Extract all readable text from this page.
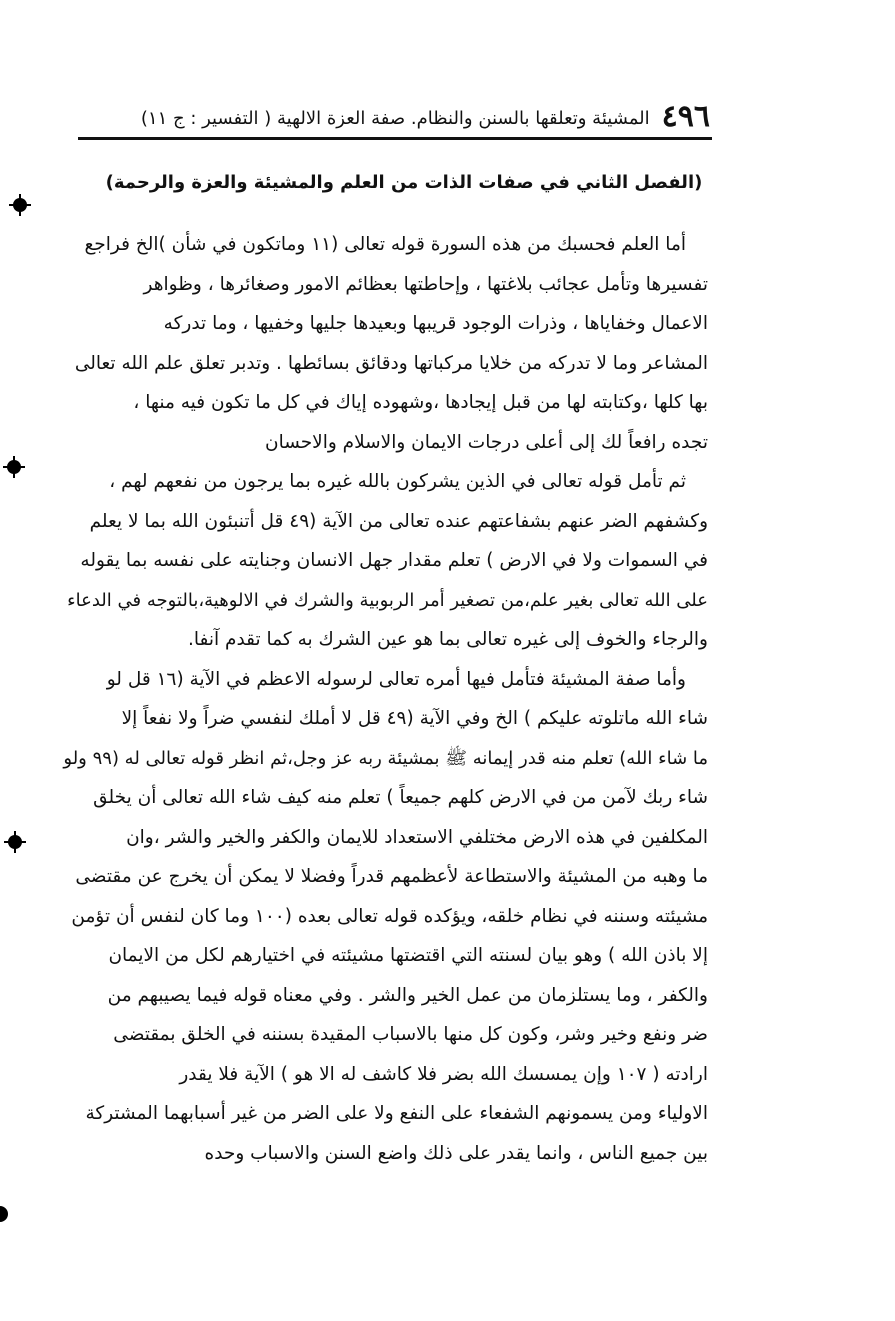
٤٩٦
المشيئة وتعلقها بالسنن والنظام. صفة العزة الالهية ( التفسير : ج ١١)
(الفصل الثاني في صفات الذات من العلم والمشيئة والعزة والرحمة)
أما العلم فحسبك من هذه السورة قوله تعالى (١١ وماتكون في شأن )الخ فراجع
تفسيرها وتأمل عجائب بلاغتها ، وإحاطتها بعظائم الامور وصغائرها ، وظواهر
الاعمال وخفاياها ، وذرات الوجود قريبها وبعيدها جليها وخفيها ، وما تدركه
المشاعر وما لا تدركه من خلايا مركباتها ودقائق بسائطها . وتدبر تعلق علم الله تعالى
بها كلها ،وكتابته لها من قبل إيجادها ،وشهوده إياك في كل ما تكون فيه منها ،
تجده رافعاً لك إلى أعلى درجات الايمان والاسلام والاحسان
ثم تأمل قوله تعالى في الذين يشركون بالله غيره بما يرجون من نفعهم لهم ،
وكشفهم الضر عنهم بشفاعتهم عنده تعالى من الآية (٤٩ قل أتنبئون الله بما لا يعلم
في السموات ولا في الارض ) تعلم مقدار جهل الانسان وجنايته على نفسه بما يقوله
على الله تعالى بغير علم،من تصغير أمر الربوبية والشرك في الالوهية،بالتوجه في الدعاء
والرجاء والخوف إلى غيره تعالى بما هو عين الشرك به كما تقدم آنفا.
وأما صفة المشيئة فتأمل فيها أمره تعالى لرسوله الاعظم في الآية (١٦ قل لو
شاء الله ماتلوته عليكم ) الخ وفي الآية (٤٩ قل لا أملك لنفسي ضراً ولا نفعاً إلا
ما شاء الله) تعلم منه قدر إيمانه ﷺ بمشيئة ربه عز وجل،ثم انظر قوله تعالى له (٩٩ ولو
شاء ربك لآمن من في الارض كلهم جميعاً ) تعلم منه كيف شاء الله تعالى أن يخلق
المكلفين في هذه الارض مختلفي الاستعداد للايمان والكفر والخير والشر ،وان
ما وهبه من المشيئة والاستطاعة لأعظمهم قدراً وفضلا لا يمكن أن يخرج عن مقتضى
مشيئته وسننه في نظام خلقه، ويؤكده قوله تعالى بعده (١٠٠ وما كان لنفس أن تؤمن
إلا باذن الله ) وهو بيان لسنته التي اقتضتها مشيئته في اختيارهم لكل من الايمان
والكفر ، وما يستلزمان من عمل الخير والشر . وفي معناه قوله فيما يصيبهم من
ضر ونفع وخير وشر، وكون كل منها بالاسباب المقيدة بسننه في الخلق بمقتضى
ارادته ( ١٠٧ وإن يمسسك الله بضر فلا كاشف له الا هو ) الآية فلا يقدر
الاولياء ومن يسمونهم الشفعاء على النفع ولا على الضر من غير أسبابهما المشتركة
بين جميع الناس ، وانما يقدر على ذلك واضع السنن والاسباب وحده
